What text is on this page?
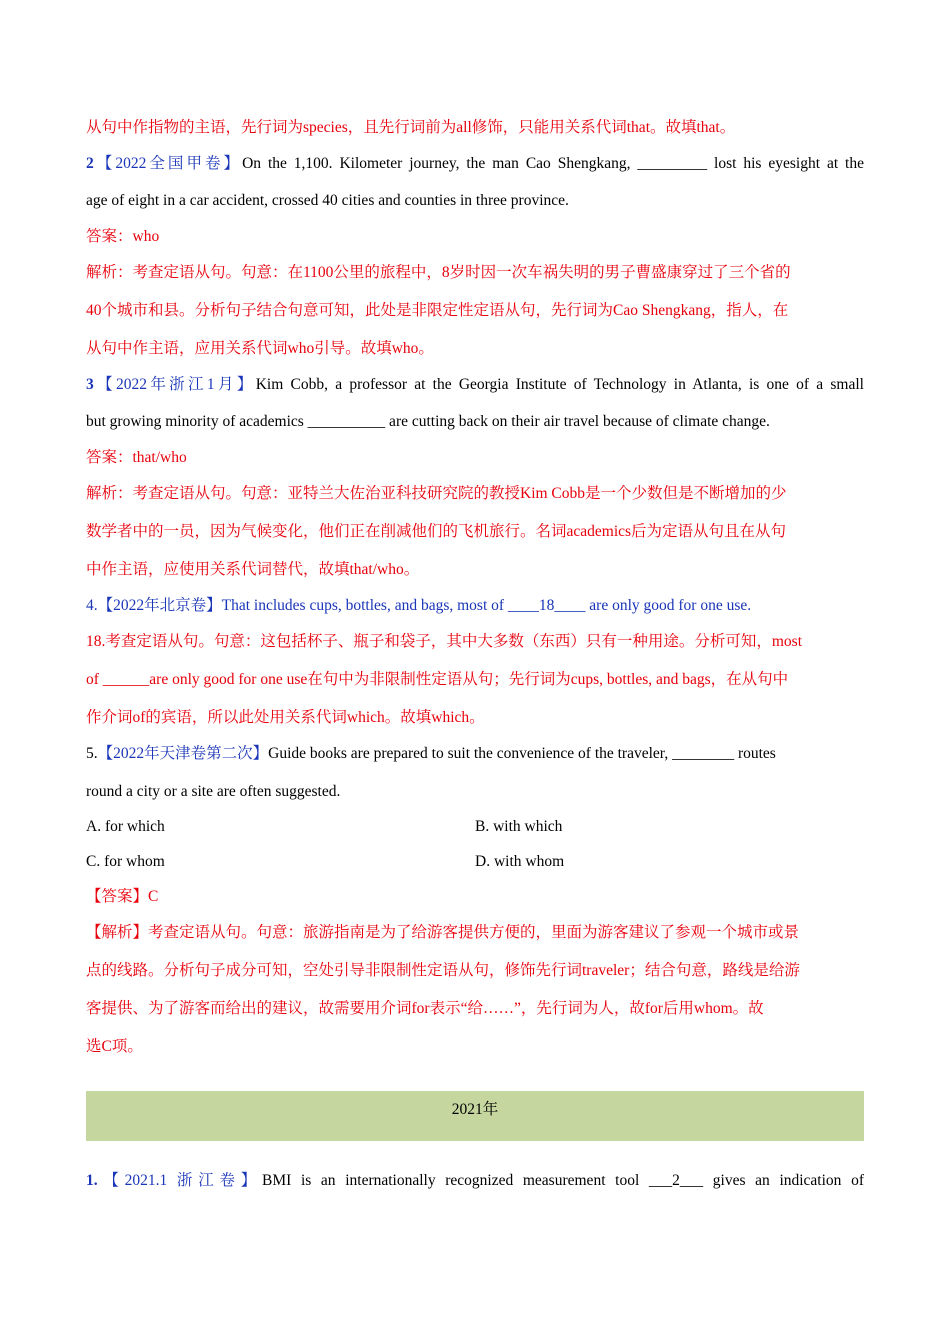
从句中作指物的主语，先行词为species，且先行词前为all修饰，只能用关系代词that。故填that。
2【2022全国甲卷】On the 1,100. Kilometer journey, the man Cao Shengkang, _________ lost his eyesight at the
age of eight in a car accident, crossed 40 cities and counties in three province.
答案：who
解析：考查定语从句。句意：在1100公里的旅程中，8岁时因一次车祸失明的男子曹盛康穿过了三个省的
40个城市和县。分析句子结合句意可知，此处是非限定性定语从句，先行词为Cao Shengkang，指人，在
从句中作主语，应用关系代词who引导。故填who。
3【2022年浙江1月】Kim Cobb, a professor at the Georgia Institute of Technology in Atlanta, is one of a small
but growing minority of academics __________ are cutting back on their air travel because of climate change.
答案：that/who
解析：考查定语从句。句意：亚特兰大佐治亚科技研究院的教授Kim Cobb是一个少数但是不断增加的少
数学者中的一员，因为气候变化，他们正在削减他们的飞机旅行。名词academics后为定语从句且在从句
中作主语，应使用关系代词替代，故填that/who。
4.【2022年北京卷】That includes cups, bottles, and bags, most of ____18____ are only good for one use.
18.考查定语从句。句意：这包括杯子、瓶子和袋子，其中大多数（东西）只有一种用途。分析可知，most
of ______are only good for one use在句中为非限制性定语从句；先行词为cups, bottles, and bags，在从句中
作介词of的宾语，所以此处用关系代词which。故填which。
5.【2022年天津卷第二次】Guide books are prepared to suit the convenience of the traveler, ________ routes
round a city or a site are often suggested.
A. for which	B. with which
C. for whom	D. with whom
【答案】C
【解析】考查定语从句。句意：旅游指南是为了给游客提供方便的，里面为游客建议了参观一个城市或景
点的线路。分析句子成分可知，空处引导非限制性定语从句，修饰先行词traveler；结合句意，路线是给游
客提供、为了游客而给出的建议，故需要用介词for表示“给……”，先行词为人，故for后用whom。故
选C项。
2021年
1.【2021.1 浙江卷】BMI is an internationally recognized measurement tool ___2___ gives an indication of
